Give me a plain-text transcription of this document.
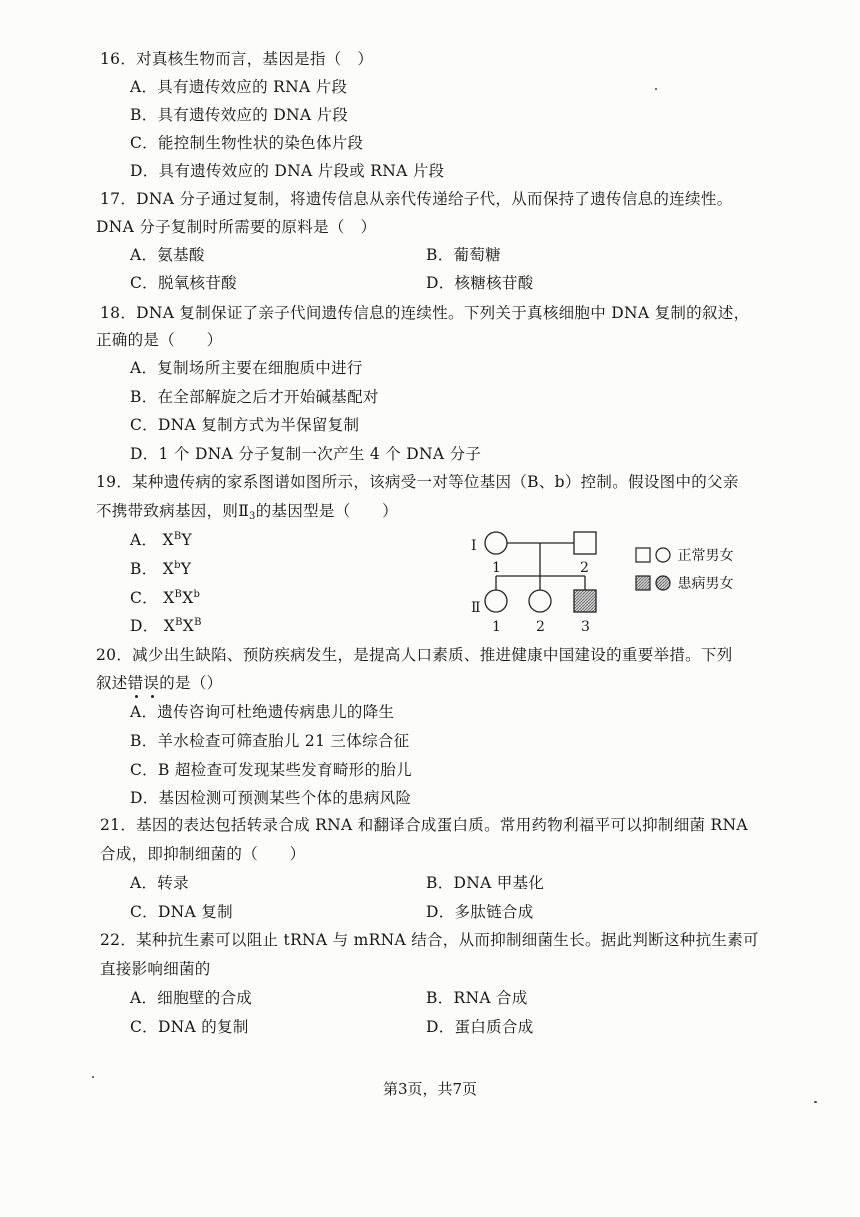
16．对真核生物而言，基因是指（　）
A．具有遗传效应的 RNA 片段
B．具有遗传效应的 DNA 片段
C．能控制生物性状的染色体片段
D．具有遗传效应的 DNA 片段或 RNA 片段
17．DNA 分子通过复制，将遗传信息从亲代传递给子代，从而保持了遗传信息的连续性。
DNA 分子复制时所需要的原料是（　）
A．氨基酸	B．葡萄糖
C．脱氧核苷酸	D．核糖核苷酸
18．DNA 复制保证了亲子代间遗传信息的连续性。下列关于真核细胞中 DNA 复制的叙述，
正确的是（　　）
A．复制场所主要在细胞质中进行
B．在全部解旋之后才开始碱基配对
C．DNA 复制方式为半保留复制
D．1 个 DNA 分子复制一次产生 4 个 DNA 分子
19．某种遗传病的家系图谱如图所示，该病受一对等位基因（B、b）控制。假设图中的父亲
不携带致病基因，则$Ⅱ_3$的基因型是（　　）
A． $X^BY$
B． $X^bY$
C． $X^BX^b$
D． $X^BX^B$
Ⅰ
Ⅱ
1	2
1	2	3
正常男女
患病男女
20．减少出生缺陷、预防疾病发生，是提高人口素质、推进健康中国建设的重要举措。下列
叙述错误的是（）
A．遗传咨询可杜绝遗传病患儿的降生
B．羊水检查可筛查胎儿 21 三体综合征
C．B 超检查可发现某些发育畸形的胎儿
D．基因检测可预测某些个体的患病风险
21．基因的表达包括转录合成 RNA 和翻译合成蛋白质。常用药物利福平可以抑制细菌 RNA
合成，即抑制细菌的（　　）
A．转录	B．DNA 甲基化
C．DNA 复制	D．多肽链合成
22．某种抗生素可以阻止 tRNA 与 mRNA 结合，从而抑制细菌生长。据此判断这种抗生素可
直接影响细菌的
A．细胞壁的合成	B．RNA 合成
C．DNA 的复制	D．蛋白质合成
第3页，共7页
